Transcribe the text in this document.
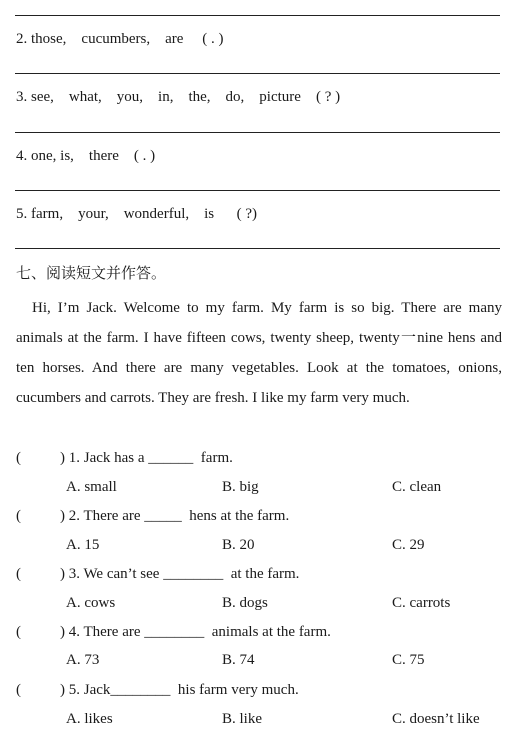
2. those,    cucumbers,    are     ( . )
3. see,    what,    you,    in,    the,    do,    picture    ( ? )
4. one, is,    there    ( . )
5. farm,    your,    wonderful,    is      ( ?)
七、阅读短文并作答。
Hi, I’m Jack. Welcome to my farm. My farm is so big. There are many animals at the farm. I have fifteen cows, twenty sheep, twenty一nine hens and ten horses. And there are many vegetables. Look at the tomatoes, onions, cucumbers and carrots. They are fresh. I like my farm very much.
(	) 1. Jack has a ______  farm.
A. small	B. big	C. clean
(	) 2. There are _____  hens at the farm.
A. 15	B. 20	C. 29
(	) 3. We can’t see ________  at the farm.
A. cows	B. dogs	C. carrots
(	) 4. There are ________  animals at the farm.
A. 73	B. 74	C. 75
(	) 5. Jack________  his farm very much.
A. likes	B. like	C. doesn’t like
